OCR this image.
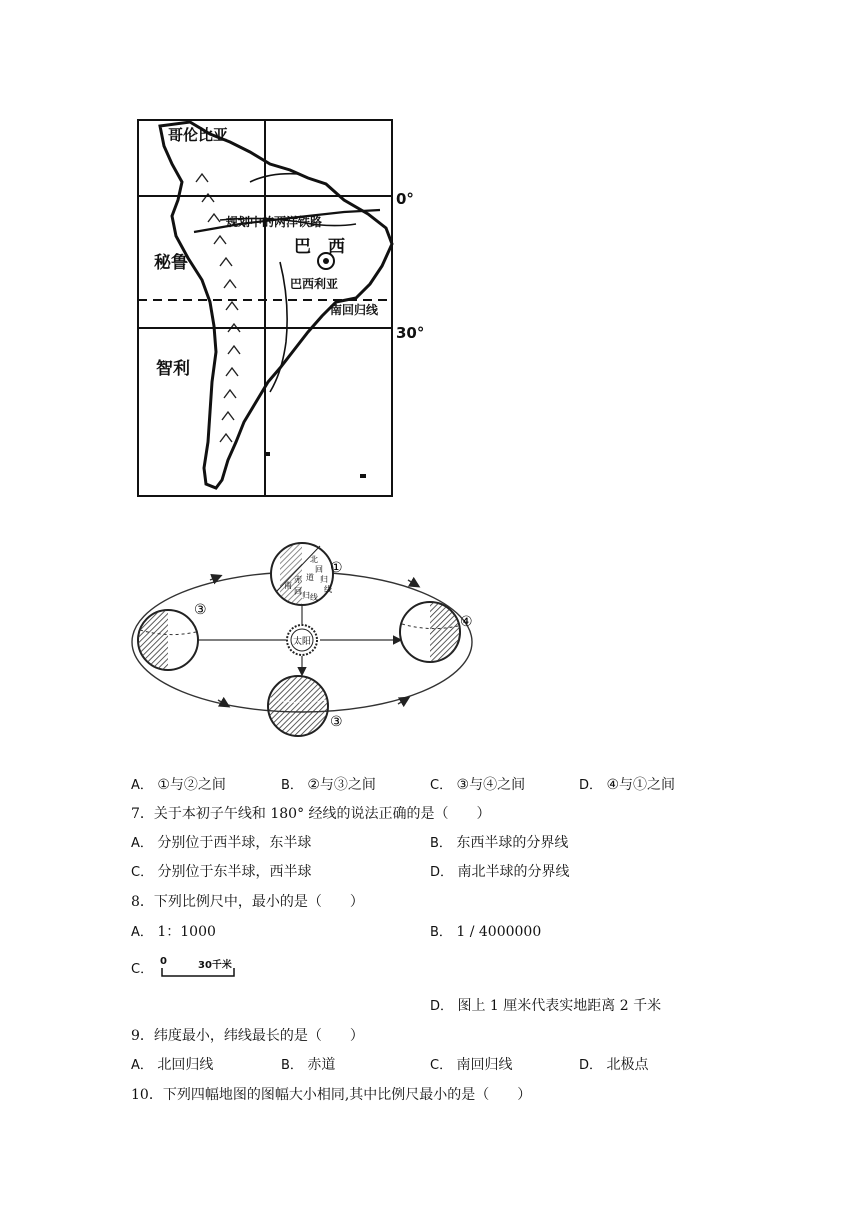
哥伦比亚
0°
规划中的两洋铁路
巴　西
秘鲁
巴西利亚
南回归线
30°
智利
太阳
北
回
归
线
赤 道
南
回 归 线
①
③
④
③
A． ①与②之间	B． ②与③之间	C． ③与④之间	D． ④与①之间
7．关于本初子午线和 180° 经线的说法正确的是（　　）
A． 分别位于西半球，东半球	B． 东西半球的分界线
C． 分别位于东半球，西半球	D． 南北半球的分界线
8．下列比例尺中，最小的是（　　）
A． 1：1000	B． 1 / 4000000
C．
0	30千米
D． 图上 1 厘米代表实地距离 2 千米
9．纬度最小，纬线最长的是（　　）
A． 北回归线	B． 赤道	C． 南回归线	D． 北极点
10．下列四幅地图的图幅大小相同,其中比例尺最小的是（　　）
